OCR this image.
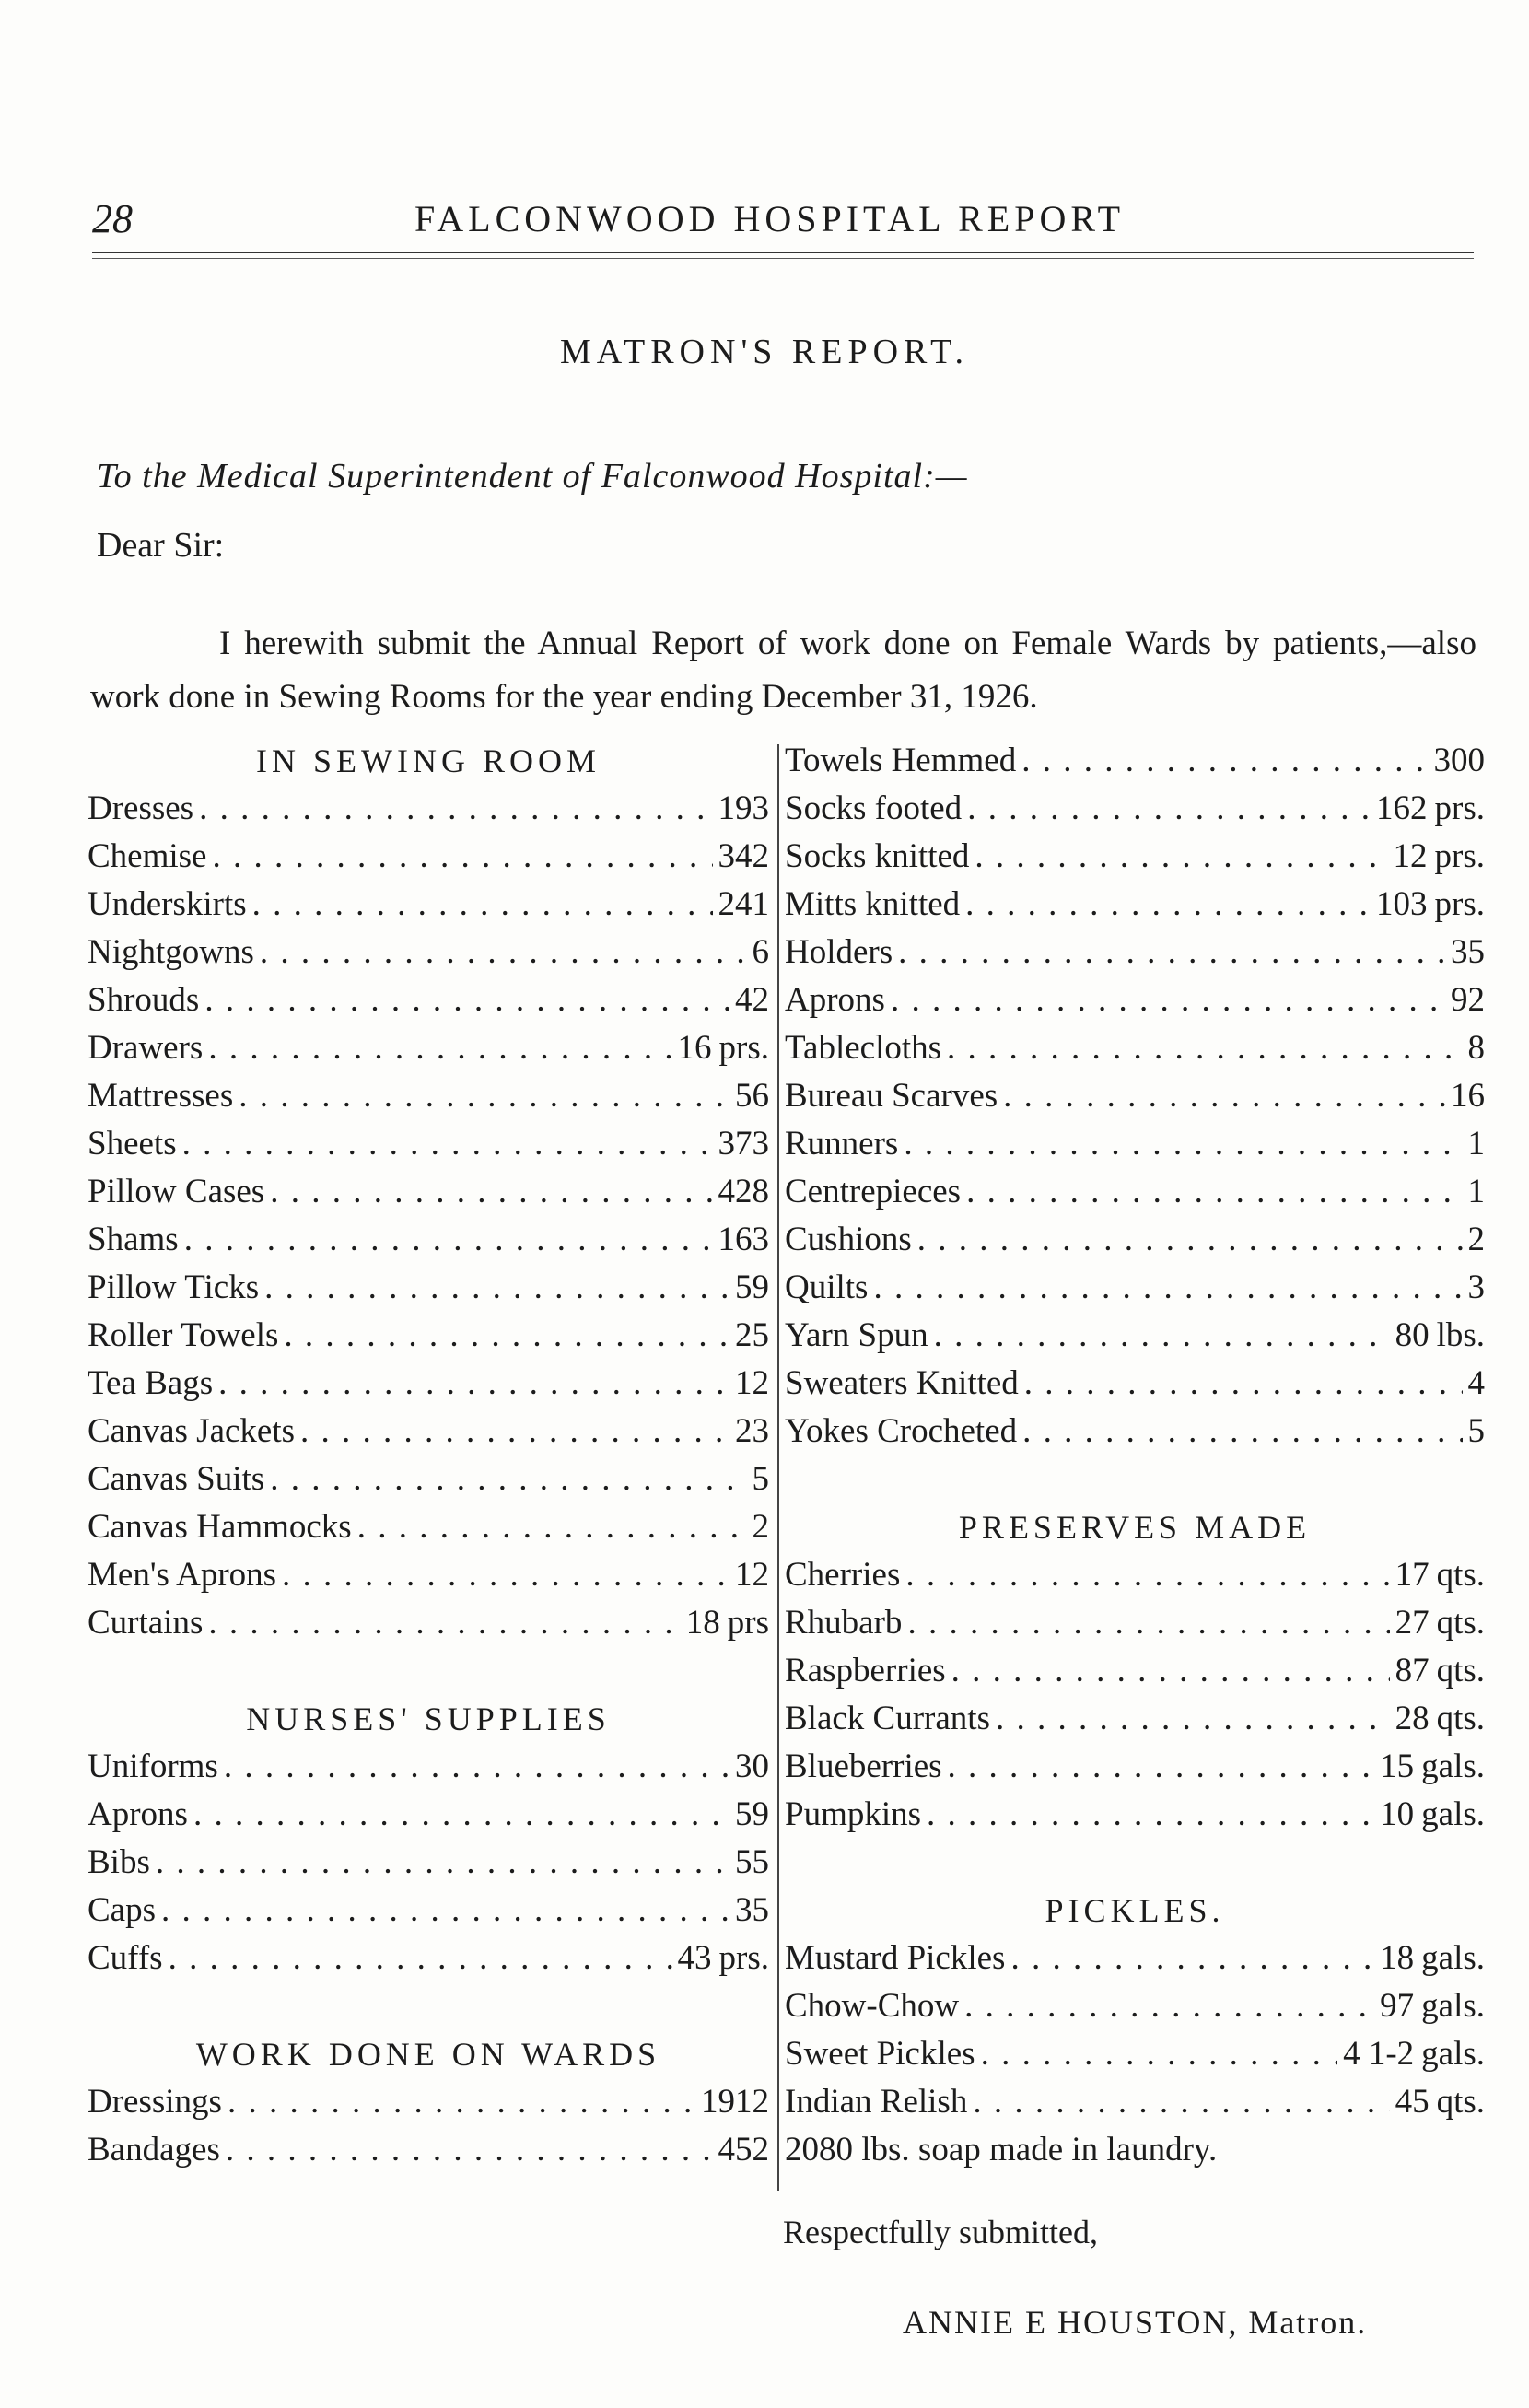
28	FALCONWOOD HOSPITAL REPORT
MATRON'S REPORT.
To the Medical Superintendent of Falconwood Hospital:—
Dear Sir:
I herewith submit the Annual Report of work done on Female Wards by patients,—also work done in Sewing Rooms for the year ending December 31, 1926.
IN SEWING ROOM
Dresses . . .	193
Chemise . . .	342
Underskirts . . .	241
Nightgowns . . .	6
Shrouds . . .	42
Drawers . . .	16 prs.
Mattresses . . .	56
Sheets . . .	373
Pillow Cases . . .	428
Shams . . .	163
Pillow Ticks . . .	59
Roller Towels . . .	25
Tea Bags . . .	12
Canvas Jackets . . .	23
Canvas Suits . . .	5
Canvas Hammocks . . .	2
Men's Aprons . . .	12
Curtains . . .	18 prs
NURSES' SUPPLIES
Uniforms . . .	30
Aprons . . .	59
Bibs . . .	55
Caps . . .	35
Cuffs . . .	43 prs.
WORK DONE ON WARDS
Dressings . . .	1912
Bandages . . .	452
Towels Hemmed . . .	300
Socks footed . . .	162 prs.
Socks knitted . . .	12 prs.
Mitts knitted . . .	103 prs.
Holders . . .	35
Aprons . . .	92
Tablecloths . . .	8
Bureau Scarves . . .	16
Runners . . .	1
Centrepieces . . .	1
Cushions . . .	2
Quilts . . .	3
Yarn Spun . . .	80 lbs.
Sweaters Knitted . . .	4
Yokes Crocheted . . .	5
PRESERVES MADE
Cherries . . .	17 qts.
Rhubarb . . .	27 qts.
Raspberries . . .	87 qts.
Black Currants . . .	28 qts.
Blueberries . . .	15 gals.
Pumpkins . . .	10 gals.
PICKLES.
Mustard Pickles . . .	18 gals.
Chow-Chow . . .	97 gals.
Sweet Pickles . . .	4 1-2 gals.
Indian Relish . . .	45 qts.
2080 lbs. soap made in laundry.
Respectfully submitted,
ANNIE E HOUSTON, Matron.
